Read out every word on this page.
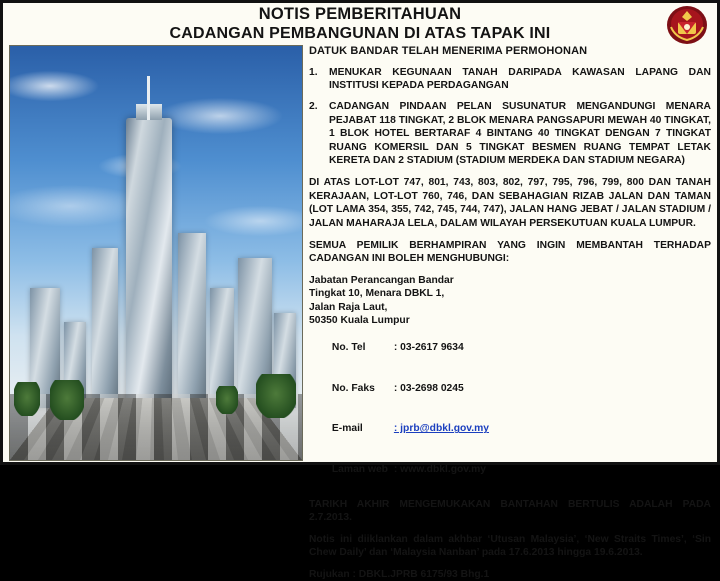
NOTIS PEMBERITAHUAN
CADANGAN PEMBANGUNAN DI ATAS TAPAK INI

DATUK BANDAR TELAH MENERIMA PERMOHONAN

1. MENUKAR KEGUNAAN TANAH DARIPADA KAWASAN LAPANG DAN INSTITUSI KEPADA PERDAGANGAN
2. CADANGAN PINDAAN PELAN SUSUNATUR MENGANDUNGI MENARA PEJABAT 118 TINGKAT, 2 BLOK MENARA PANGSAPURI MEWAH 40 TINGKAT, 1 BLOK HOTEL BERTARAF 4 BINTANG 40 TINGKAT DENGAN 7 TINGKAT RUANG KOMERSIL DAN 5 TINGKAT BESMEN RUANG TEMPAT LETAK KERETA DAN 2 STADIUM (STADIUM MERDEKA DAN STADIUM NEGARA)

DI ATAS LOT-LOT 747, 801, 743, 803, 802, 797, 795, 796, 799, 800 DAN TANAH KERAJAAN, LOT-LOT 760, 746, DAN SEBAHAGIAN RIZAB JALAN DAN TAMAN (LOT LAMA 354, 355, 742, 745, 744, 747), JALAN HANG JEBAT / JALAN STADIUM / JALAN MAHARAJA LELA, DALAM WILAYAH PERSEKUTUAN KUALA LUMPUR.

SEMUA PEMILIK BERHAMPIRAN YANG INGIN MEMBANTAH TERHADAP CADANGAN INI BOLEH MENGHUBUNGI:

Jabatan Perancangan Bandar
Tingkat 10, Menara DBKL 1,
Jalan Raja Laut,
50350 Kuala Lumpur

No. Tel	: 03-2617 9634

No. Faks : 03-2698 0245

E-mail	: jprb@dbkl.gov.my

Laman web : www.dbkl.gov.my

TARIKH AKHIR MENGEMUKAKAN BANTAHAN BERTULIS ADALAH PADA 2.7.2013.

Notis ini diiklankan dalam akhbar ‘Utusan Malaysia’, ‘New Straits Times’, ‘Sin Chew Daily’ dan ‘Malaysia Nanban’ pada 17.6.2013 hingga 19.6.2013.

Rujukan : DBKL.JPRB 6175/93 Bhg.1
